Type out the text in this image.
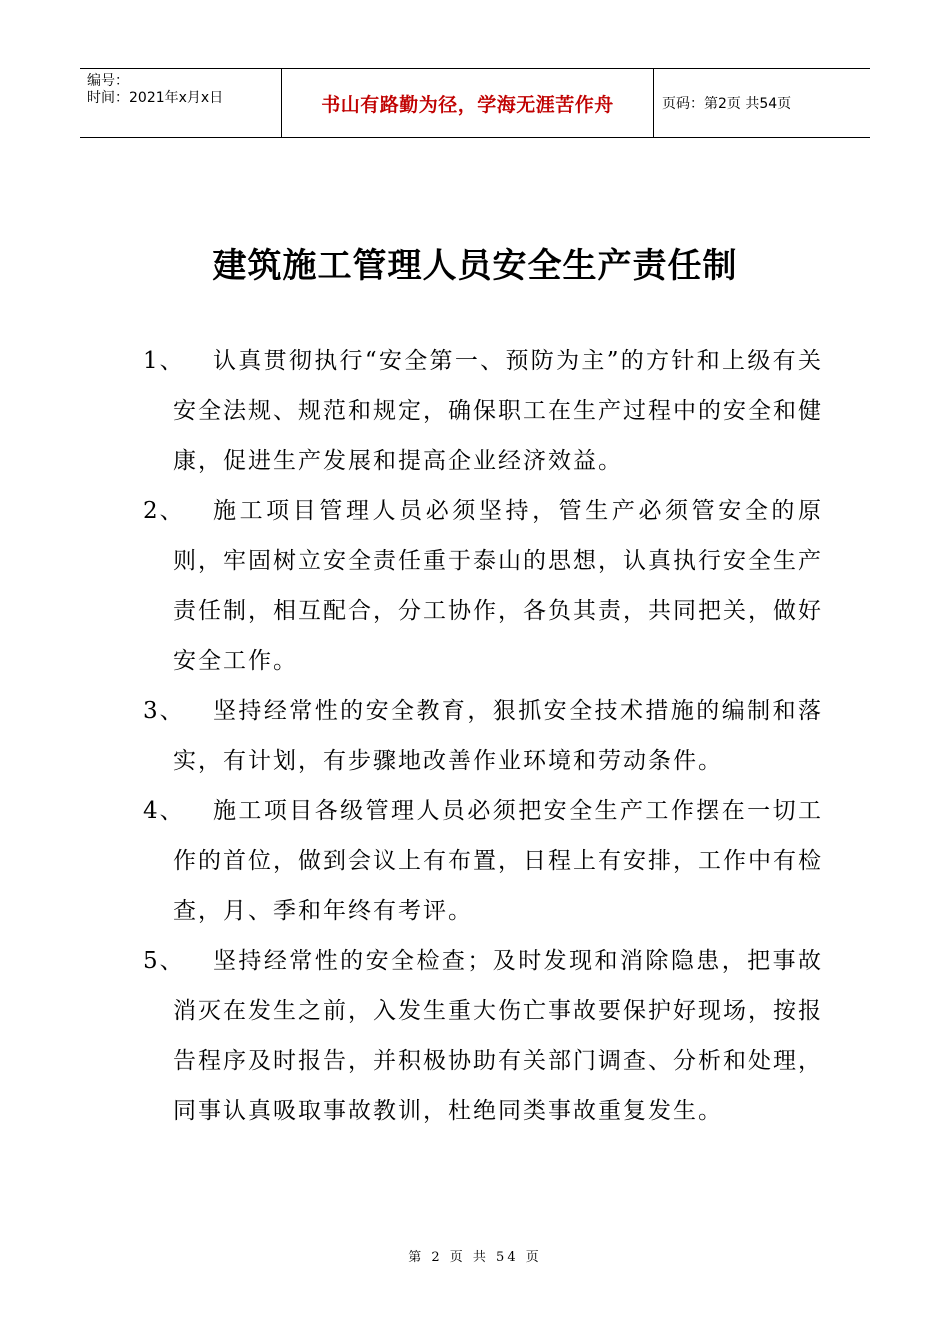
编号：
时间：2021年x月x日	书山有路勤为径，学海无涯苦作舟	页码：第2页 共54页
建筑施工管理人员安全生产责任制
1、	认真贯彻执行“安全第一、预防为主”的方针和上级有关安全法规、规范和规定，确保职工在生产过程中的安全和健康，促进生产发展和提高企业经济效益。
2、	施工项目管理人员必须坚持，管生产必须管安全的原则，牢固树立安全责任重于泰山的思想，认真执行安全生产责任制，相互配合，分工协作，各负其责，共同把关，做好安全工作。
3、	坚持经常性的安全教育，狠抓安全技术措施的编制和落实，有计划，有步骤地改善作业环境和劳动条件。
4、	施工项目各级管理人员必须把安全生产工作摆在一切工作的首位，做到会议上有布置，日程上有安排，工作中有检查，月、季和年终有考评。
5、	坚持经常性的安全检查；及时发现和消除隐患，把事故消灭在发生之前，入发生重大伤亡事故要保护好现场，按报告程序及时报告，并积极协助有关部门调查、分析和处理，同事认真吸取事故教训，杜绝同类事故重复发生。
第 2 页 共 54 页
